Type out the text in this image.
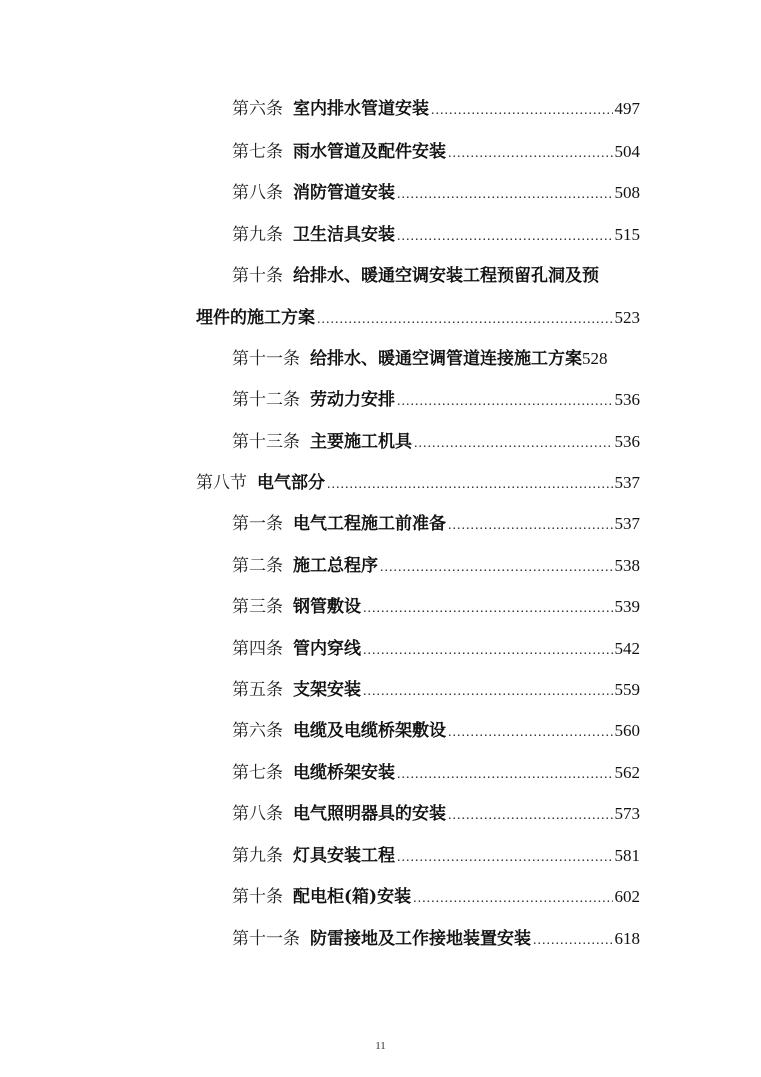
第六条 室内排水管道安装 .....	497
第七条 雨水管道及配件安装 .....	504
第八条 消防管道安装 .....	508
第九条 卫生洁具安装 .....	515
第十条 给排水、暖通空调安装工程预留孔洞及预
埋件的施工方案 .....	523
第十一条 给排水、暖通空调管道连接施工方案 528
第十二条 劳动力安排 .....	536
第十三条 主要施工机具 .....	536
第八节 电气部分 .....	537
第一条 电气工程施工前准备 .....	537
第二条 施工总程序 .....	538
第三条 钢管敷设 .....	539
第四条 管内穿线 .....	542
第五条 支架安装 .....	559
第六条 电缆及电缆桥架敷设 .....	560
第七条 电缆桥架安装 .....	562
第八条 电气照明器具的安装 .....	573
第九条 灯具安装工程 .....	581
第十条 配电柜(箱)安装 .....	602
第十一条 防雷接地及工作接地装置安装 .....	618
11
